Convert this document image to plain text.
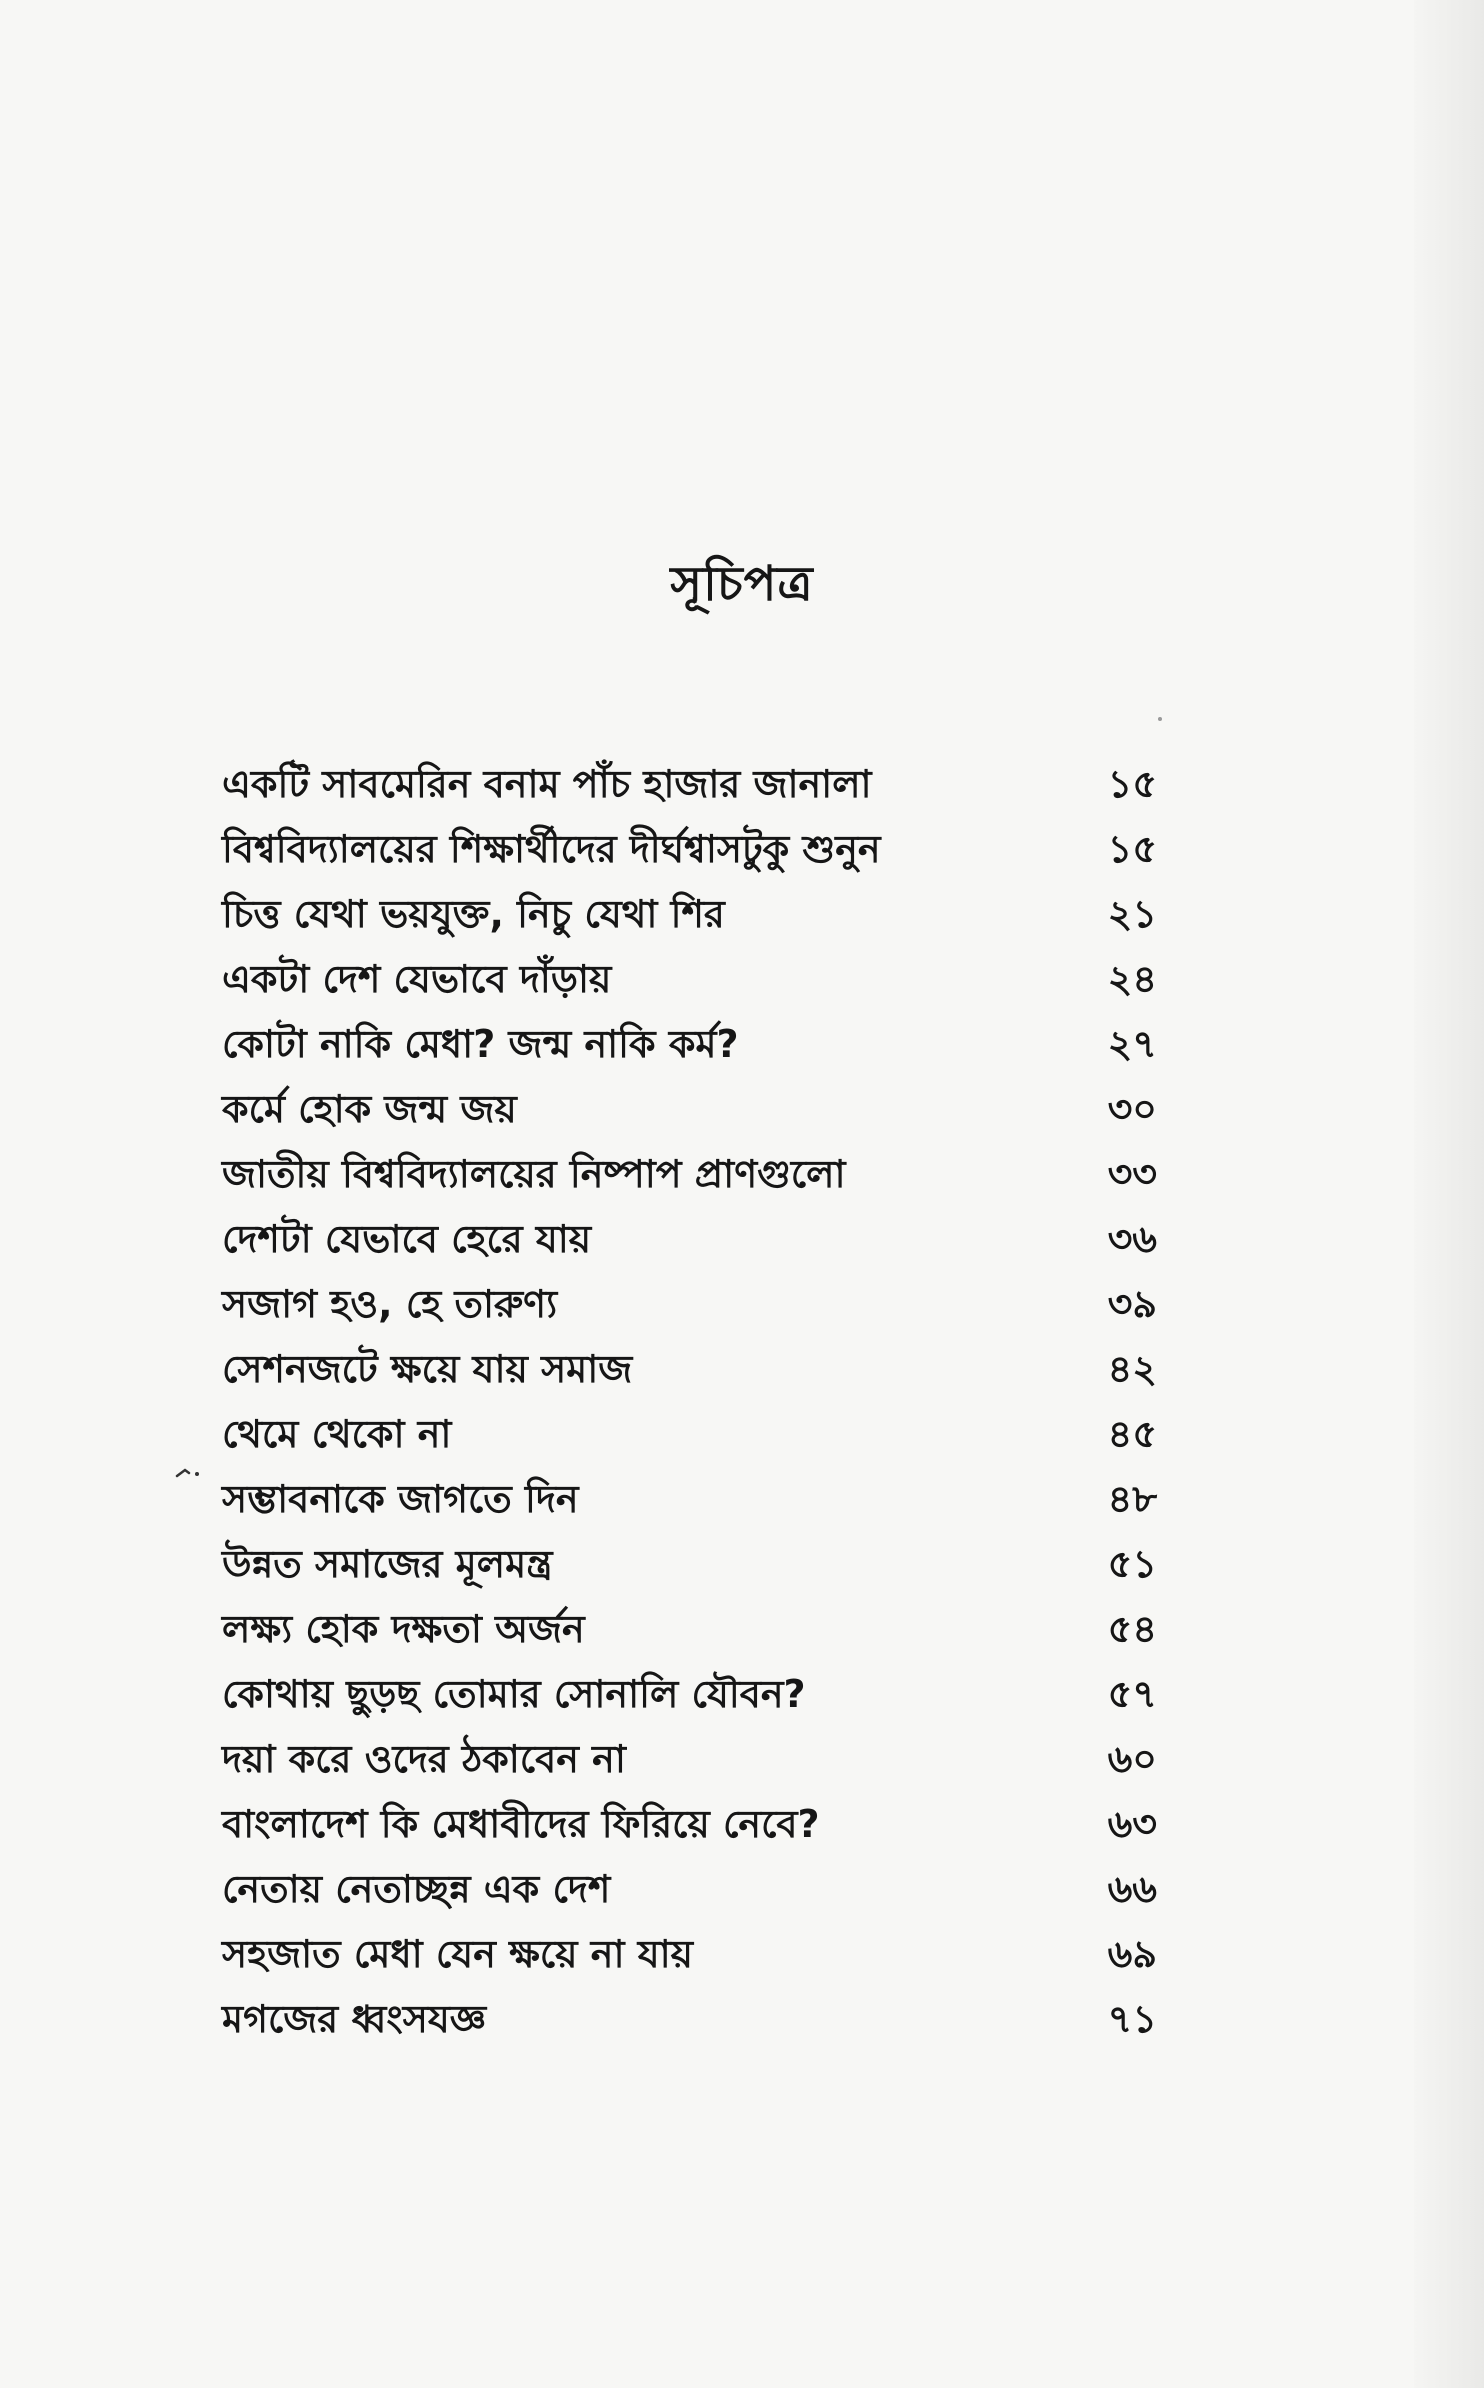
সূচিপত্র
একটি সাবমেরিন বনাম পাঁচ হাজার জানালা	১৫
বিশ্ববিদ্যালয়ের শিক্ষার্থীদের দীর্ঘশ্বাসটুকু শুনুন	১৫
চিত্ত যেথা ভয়যুক্ত, নিচু যেথা শির	২১
একটা দেশ যেভাবে দাঁড়ায়	২৪
কোটা নাকি মেধা? জন্ম নাকি কর্ম?	২৭
কর্মে হোক জন্ম জয়	৩০
জাতীয় বিশ্ববিদ্যালয়ের নিষ্পাপ প্রাণগুলো	৩৩
দেশটা যেভাবে হেরে যায়	৩৬
সজাগ হও, হে তারুণ্য	৩৯
সেশনজটে ক্ষয়ে যায় সমাজ	৪২
থেমে থেকো না	৪৫
সম্ভাবনাকে জাগতে দিন	৪৮
উন্নত সমাজের মূলমন্ত্র	৫১
লক্ষ্য হোক দক্ষতা অর্জন	৫৪
কোথায় ছুড়ছ তোমার সোনালি যৌবন?	৫৭
দয়া করে ওদের ঠকাবেন না	৬০
বাংলাদেশ কি মেধাবীদের ফিরিয়ে নেবে?	৬৩
নেতায় নেতাচ্ছন্ন এক দেশ	৬৬
সহজাত মেধা যেন ক্ষয়ে না যায়	৬৯
মগজের ধ্বংসযজ্ঞ	৭১
